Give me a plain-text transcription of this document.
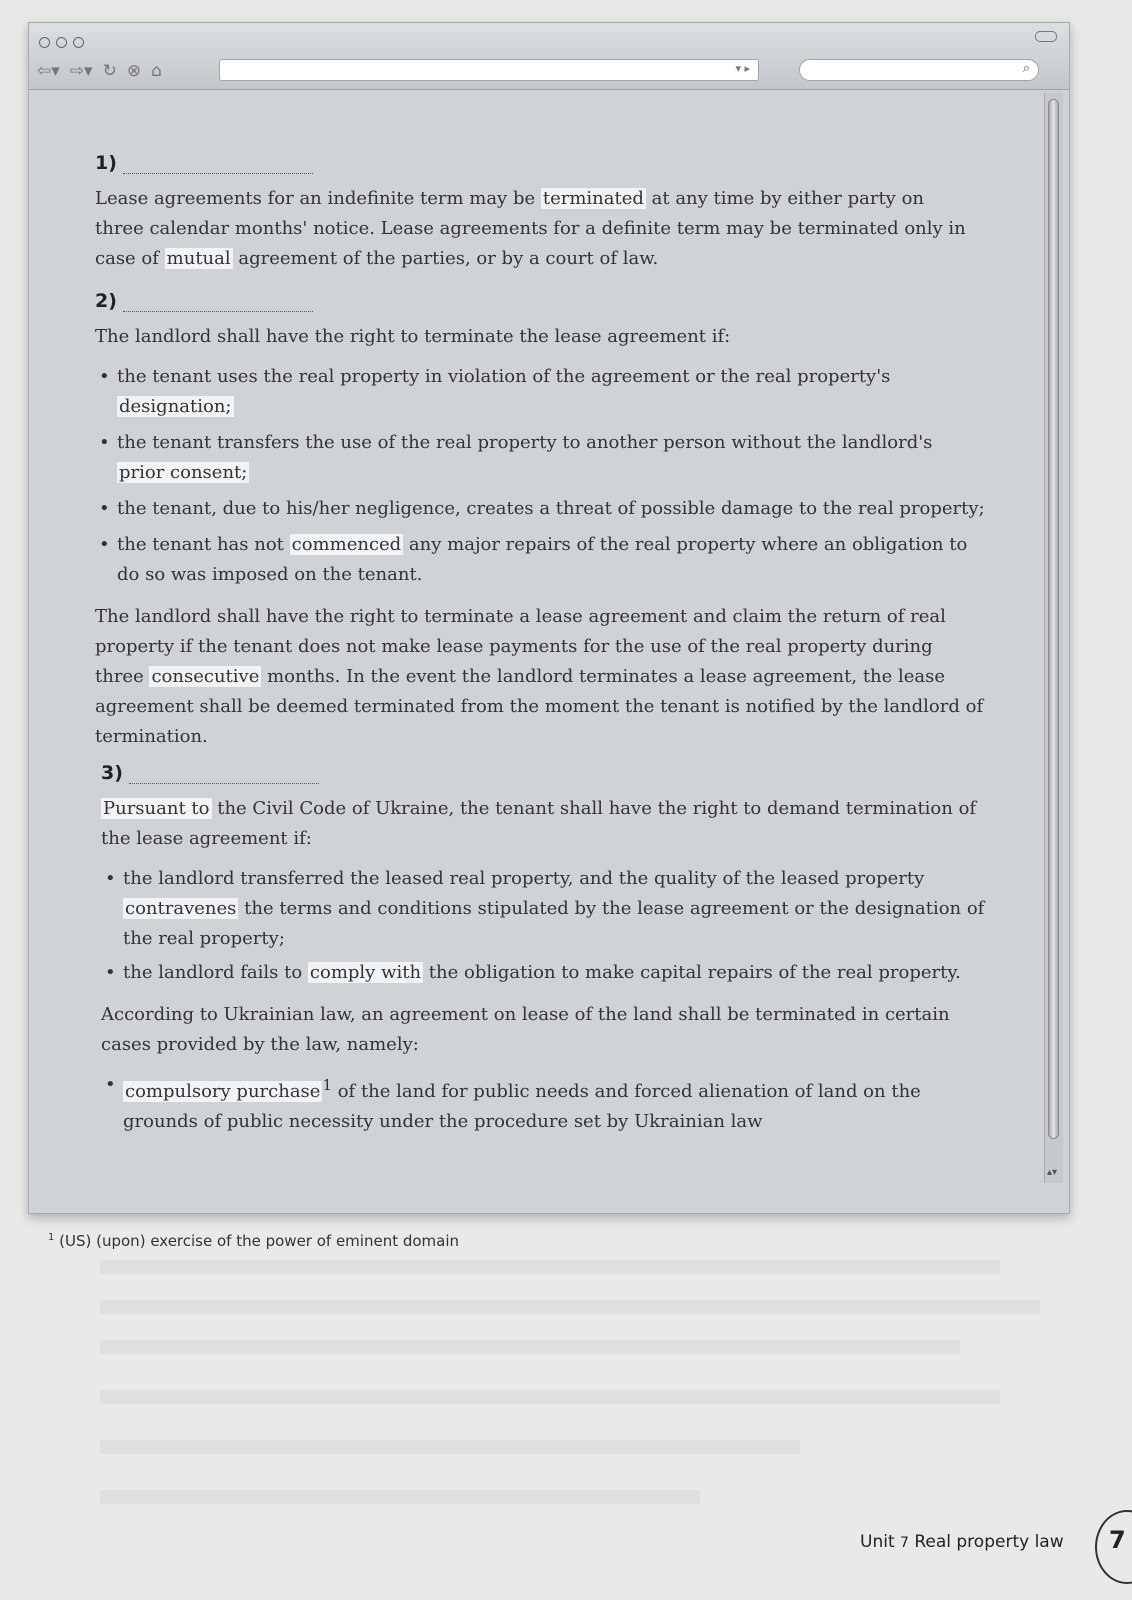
⇦▾ ⇨▾ ↻ ⊗ ⌂	▾ ▸	⌕
1)

Lease agreements for an indefinite term may be terminated at any time by either party on three calendar months' notice. Lease agreements for a definite term may be terminated only in case of mutual agreement of the parties, or by a court of law.

2)

The landlord shall have the right to terminate the lease agreement if:

• the tenant uses the real property in violation of the agreement or the real property's designation;
• the tenant transfers the use of the real property to another person without the landlord's prior consent;
• the tenant, due to his/her negligence, creates a threat of possible damage to the real property;
• the tenant has not commenced any major repairs of the real property where an obligation to do so was imposed on the tenant.

The landlord shall have the right to terminate a lease agreement and claim the return of real property if the tenant does not make lease payments for the use of the real property during three consecutive months. In the event the landlord terminates a lease agreement, the lease agreement shall be deemed terminated from the moment the tenant is notified by the landlord of termination.

3)

Pursuant to the Civil Code of Ukraine, the tenant shall have the right to demand termination of the lease agreement if:

• the landlord transferred the leased real property, and the quality of the leased property contravenes the terms and conditions stipulated by the lease agreement or the designation of the real property;
• the landlord fails to comply with the obligation to make capital repairs of the real property.

According to Ukrainian law, an agreement on lease of the land shall be terminated in certain cases provided by the law, namely:

• compulsory purchase $^1$ of the land for public needs and forced alienation of land on the grounds of public necessity under the procedure set by Ukrainian law
▴▾
$^1$ (US) (upon) exercise of the power of eminent domain
Unit 7 Real property law 7
